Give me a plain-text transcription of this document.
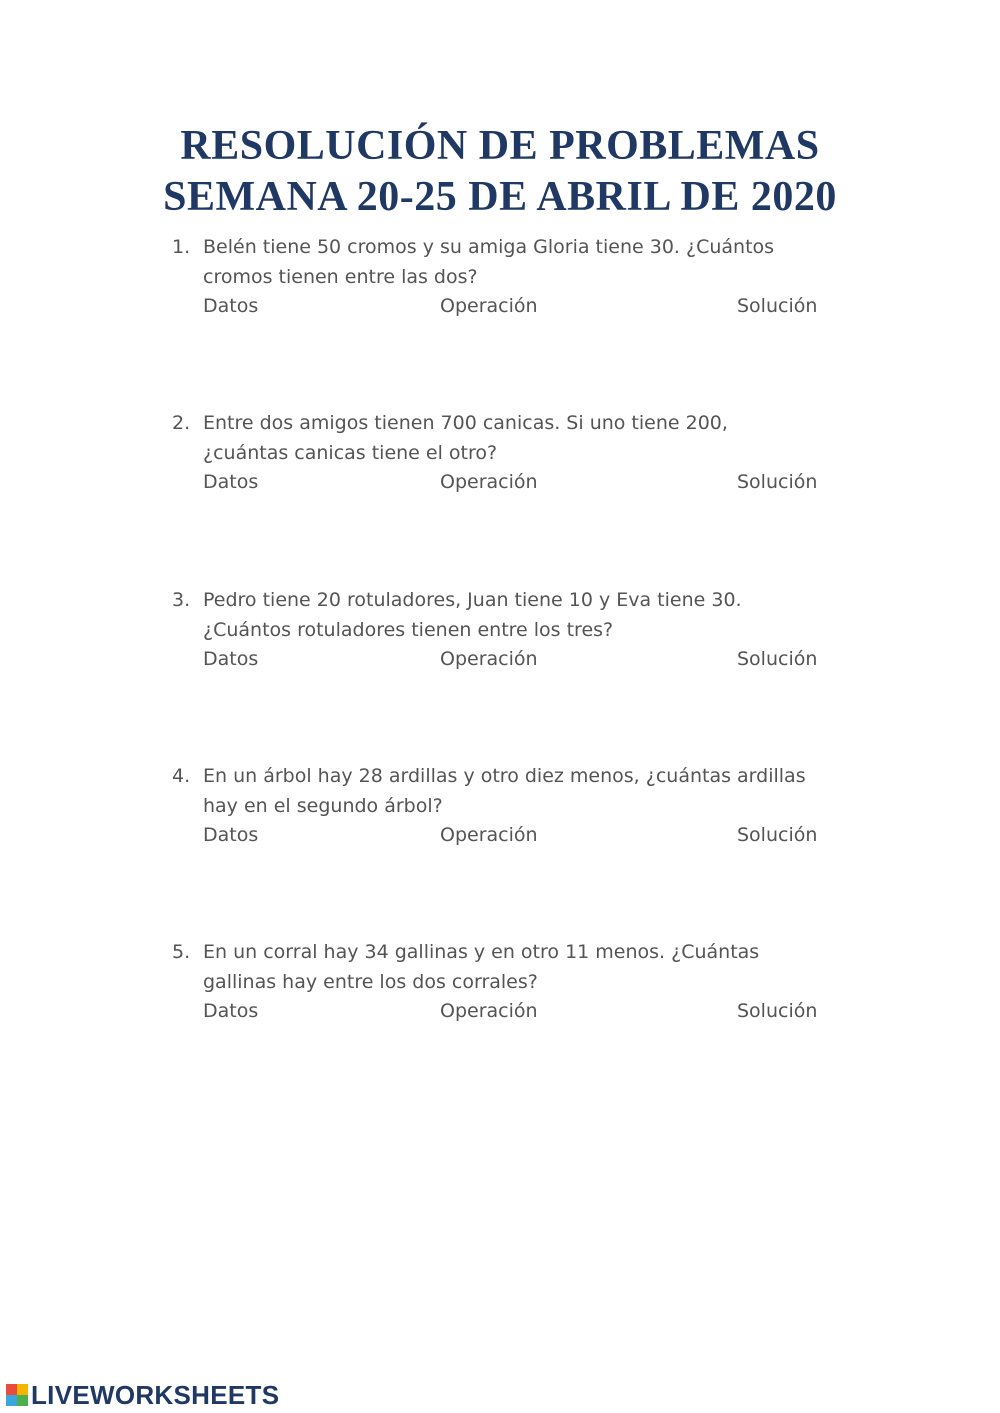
RESOLUCIÓN DE PROBLEMAS
SEMANA 20-25 DE ABRIL DE 2020
1. Belén tiene 50 cromos y su amiga Gloria tiene 30. ¿Cuántos
cromos tienen entre las dos?
Datos	Operación	Solución
2. Entre dos amigos tienen 700 canicas. Si uno tiene 200,
¿cuántas canicas tiene el otro?
Datos	Operación	Solución
3. Pedro tiene 20 rotuladores, Juan tiene 10 y Eva tiene 30.
¿Cuántos rotuladores tienen entre los tres?
Datos	Operación	Solución
4. En un árbol hay 28 ardillas y otro diez menos, ¿cuántas ardillas
hay en el segundo árbol?
Datos	Operación	Solución
5. En un corral hay 34 gallinas y en otro 11 menos. ¿Cuántas
gallinas hay entre los dos corrales?
Datos	Operación	Solución
LIVEWORKSHEETS
